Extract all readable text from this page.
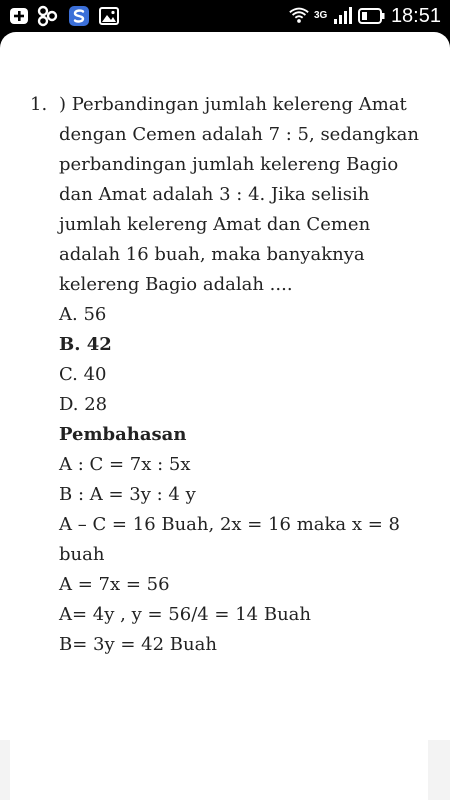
3G	18:51
1. ) Perbandingan jumlah kelereng Amat
dengan Cemen adalah 7 : 5, sedangkan
perbandingan jumlah kelereng Bagio
dan Amat adalah 3 : 4. Jika selisih
jumlah kelereng Amat dan Cemen
adalah 16 buah, maka banyaknya
kelereng Bagio adalah ....
A. 56
B. 42
C. 40
D. 28
Pembahasan
A : C = 7x : 5x
B : A = 3y : 4 y
A – C = 16 Buah, 2x = 16 maka x = 8
buah
A = 7x = 56
A= 4y , y = 56/4 = 14 Buah
B= 3y = 42 Buah
